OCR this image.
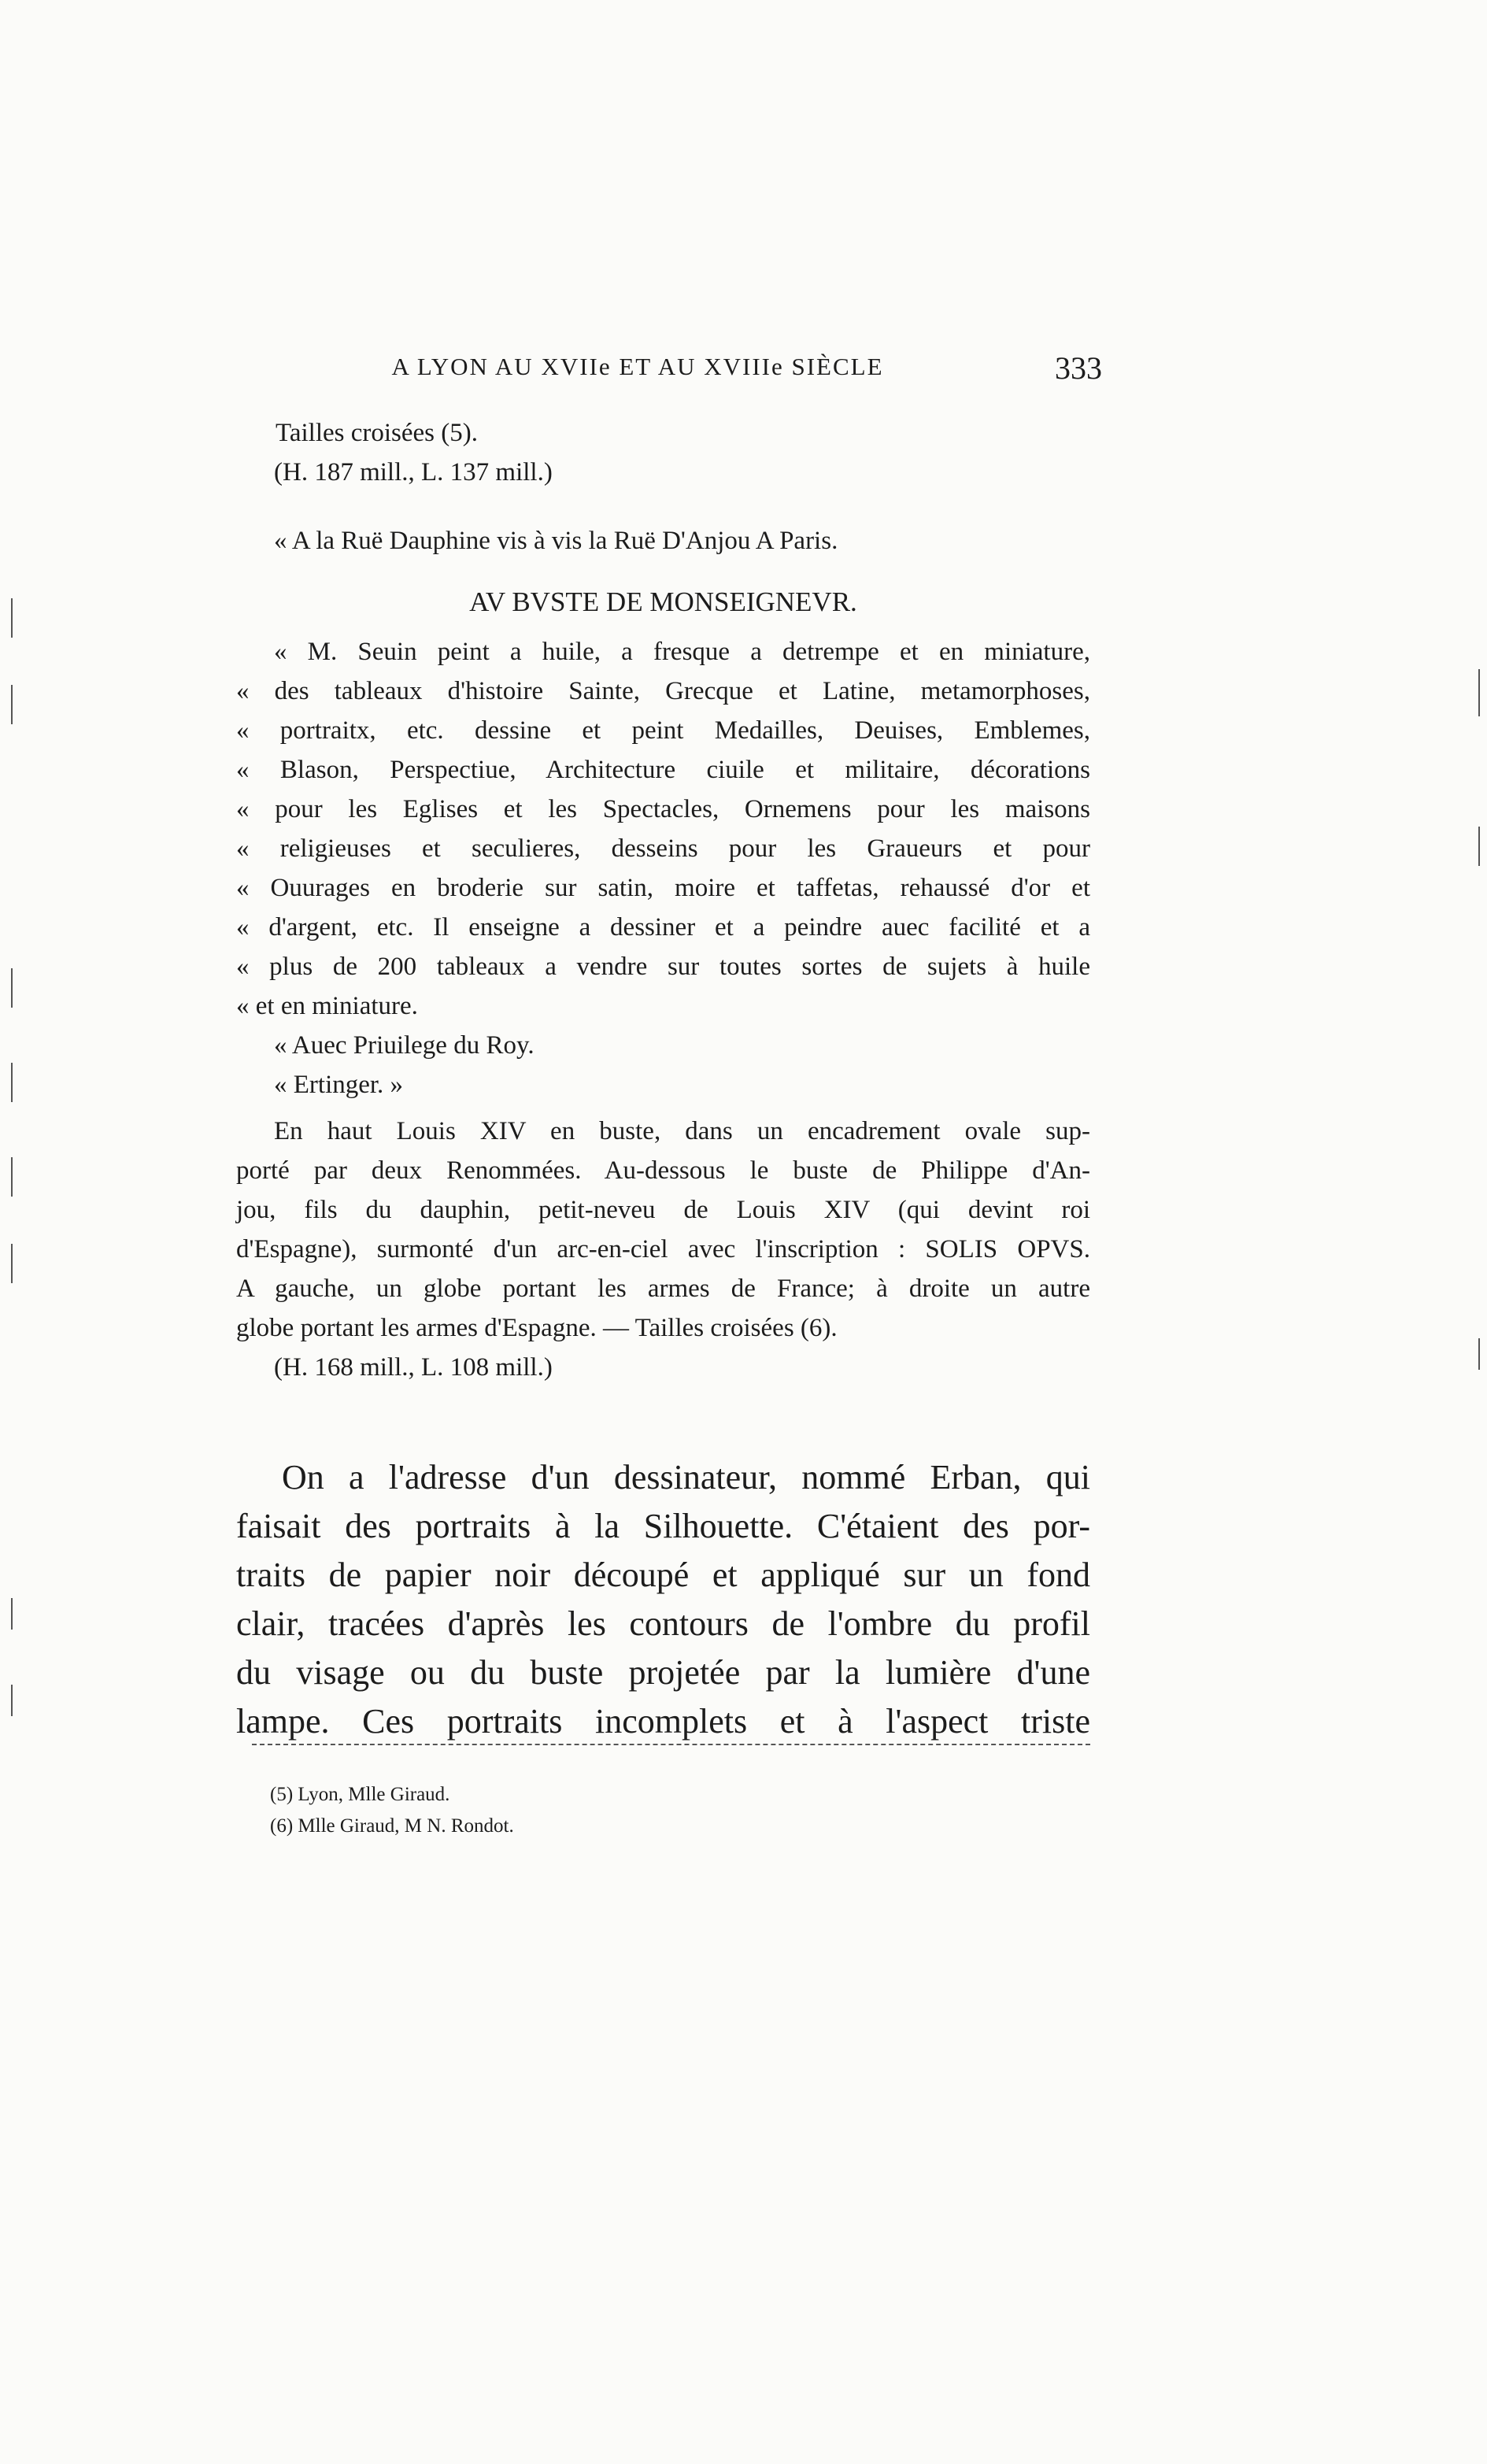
A LYON AU XVIIe ET AU XVIIIe SIÈCLE	333
Tailles croisées (5).
(H. 187 mill., L. 137 mill.)
« A la Ruë Dauphine vis à vis la Ruë D'Anjou A Paris.
AV BVSTE DE MONSEIGNEVR.
« M. Seuin peint a huile, a fresque a detrempe et en miniature,
« des tableaux d'histoire Sainte, Grecque et Latine, metamorphoses,
« portraitx, etc. dessine et peint Medailles, Deuises, Emblemes,
« Blason, Perspectiue, Architecture ciuile et militaire, décorations
« pour les Eglises et les Spectacles, Ornemens pour les maisons
« religieuses et seculieres, desseins pour les Graueurs et pour
« Ouurages en broderie sur satin, moire et taffetas, rehaussé d'or et
« d'argent, etc. Il enseigne a dessiner et a peindre auec facilité et a
« plus de 200 tableaux a vendre sur toutes sortes de sujets à huile
« et en miniature.
« Auec Priuilege du Roy.
« Ertinger. »
En haut Louis XIV en buste, dans un encadrement ovale sup-
porté par deux Renommées. Au-dessous le buste de Philippe d'An-
jou, fils du dauphin, petit-neveu de Louis XIV (qui devint roi
d'Espagne), surmonté d'un arc-en-ciel avec l'inscription : SOLIS OPVS.
A gauche, un globe portant les armes de France; à droite un autre
globe portant les armes d'Espagne. — Tailles croisées (6).
(H. 168 mill., L. 108 mill.)
On a l'adresse d'un dessinateur, nommé Erban, qui
faisait des portraits à la Silhouette. C'étaient des por-
traits de papier noir découpé et appliqué sur un fond
clair, tracées d'après les contours de l'ombre du profil
du visage ou du buste projetée par la lumière d'une
lampe. Ces portraits incomplets et à l'aspect triste
(5) Lyon, Mlle Giraud.
(6) Mlle Giraud, M N. Rondot.
